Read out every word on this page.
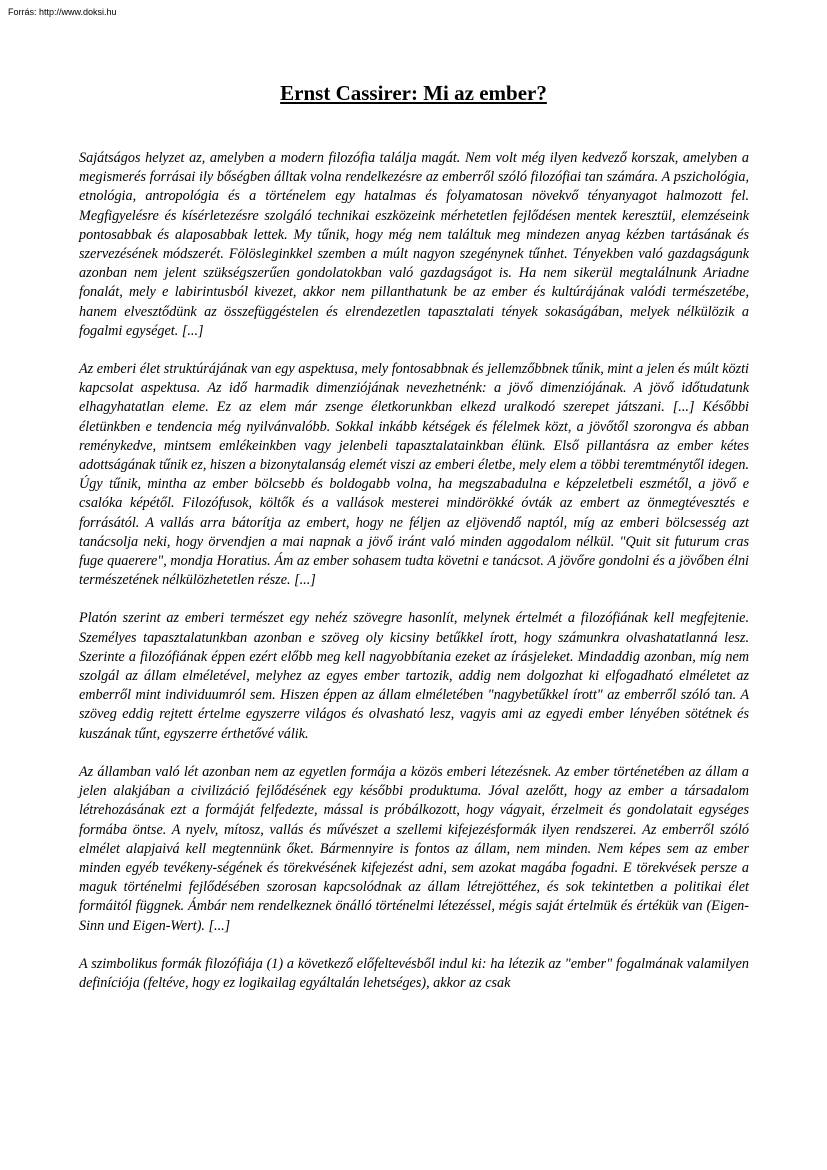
Forrás: http://www.doksi.hu
Ernst Cassirer: Mi az ember?

Sajátságos helyzet az, amelyben a modern filozófia találja magát. Nem volt még ilyen kedvező korszak, amelyben a megismerés forrásai ily bőségben álltak volna rendelkezésre az emberről szóló filozófiai tan számára. A pszichológia, etnológia, antropológia és a történelem egy hatalmas és folyamatosan növekvő tényanyagot halmozott fel. Megfigyelésre és kísérletezésre szolgáló technikai eszközeink mérhetetlen fejlődésen mentek keresztül, elemzéseink pontosabbak és alaposabbak lettek. My tűnik, hogy még nem találtuk meg mindezen anyag kézben tartásának és szervezésének módszerét. Fölösleginkkel szemben a múlt nagyon szegénynek tűnhet. Tényekben való gazdagságunk azonban nem jelent szükségszerűen gondolatokban való gazdagságot is. Ha nem sikerül megtalálnunk Ariadne fonalát, mely e labirintusból kivezet, akkor nem pillanthatunk be az ember és kultúrájának valódi természetébe, hanem elvesztődünk az összefüggéstelen és elrendezetlen tapasztalati tények sokaságában, melyek nélkülözik a fogalmi egységet. [...]

Az emberi élet struktúrájának van egy aspektusa, mely fontosabbnak és jellemzőbbnek tűnik, mint a jelen és múlt közti kapcsolat aspektusa. Az idő harmadik dimenziójának nevezhetnénk: a jövő dimenziójának. A jövő időtudatunk elhagyhatatlan eleme. Ez az elem már zsenge életkorunkban elkezd uralkodó szerepet játszani. [...] Későbbi életünkben e tendencia még nyilvánvalóbb. Sokkal inkább kétségek és félelmek közt, a jövőtől szorongva és abban reménykedve, mintsem emlékeinkben vagy jelenbeli tapasztalatainkban élünk. Első pillantásra az ember kétes adottságának tűnik ez, hiszen a bizonytalanság elemét viszi az emberi életbe, mely elem a többi teremtménytől idegen. Úgy tűnik, mintha az ember bölcsebb és boldogabb volna, ha megszabadulna e képzeletbeli eszmétől, a jövő e csalóka képétől. Filozófusok, költők és a vallások mesterei mindörökké óvták az embert az önmegtévesztés e forrásától. A vallás arra bátorítja az embert, hogy ne féljen az eljövendő naptól, míg az emberi bölcsesség azt tanácsolja neki, hogy örvendjen a mai napnak a jövő iránt való minden aggodalom nélkül. "Quit sit futurum cras fuge quaerere", mondja Horatius. Ám az ember sohasem tudta követni e tanácsot. A jövőre gondolni és a jövőben élni természetének nélkülözhetetlen része. [...]

Platón szerint az emberi természet egy nehéz szövegre hasonlít, melynek értelmét a filozófiának kell megfejtenie. Személyes tapasztalatunkban azonban e szöveg oly kicsiny betűkkel írott, hogy számunkra olvashatatlanná lesz. Szerinte a filozófiának éppen ezért előbb meg kell nagyobbítania ezeket az írásjeleket. Mindaddig azonban, míg nem szolgál az állam elméletével, melyhez az egyes ember tartozik, addig nem dolgozhat ki elfogadható elméletet az emberről mint individuumról sem. Hiszen éppen az állam elméletében "nagybetűkkel írott" az emberről szóló tan. A szöveg eddig rejtett értelme egyszerre világos és olvasható lesz, vagyis ami az egyedi ember lényében sötétnek és kuszának tűnt, egyszerre érthetővé válik.

Az államban való lét azonban nem az egyetlen formája a közös emberi létezésnek. Az ember történetében az állam a jelen alakjában a civilizáció fejlődésének egy későbbi produktuma. Jóval azelőtt, hogy az ember a társadalom létrehozásának ezt a formáját felfedezte, mással is próbálkozott, hogy vágyait, érzelmeit és gondolatait egységes formába öntse. A nyelv, mítosz, vallás és művészet a szellemi kifejezésformák ilyen rendszerei. Az emberről szóló elmélet alapjaivá kell megtennünk őket. Bármennyire is fontos az állam, nem minden. Nem képes sem az ember minden egyéb tevékeny-ségének és törekvésének kifejezést adni, sem azokat magába fogadni. E törekvések persze a maguk történelmi fejlődésében szorosan kapcsolódnak az állam létrejöttéhez, és sok tekintetben a politikai élet formáitól függnek. Ámbár nem rendelkeznek önálló történelmi létezéssel, mégis saját értelmük és értékük van (Eigen-Sinn und Eigen-Wert). [...]

A szimbolikus formák filozófiája (1) a következő előfeltevésből indul ki: ha létezik az "ember" fogalmának valamilyen definíciója (feltéve, hogy ez logikailag egyáltalán lehetséges), akkor az csak
